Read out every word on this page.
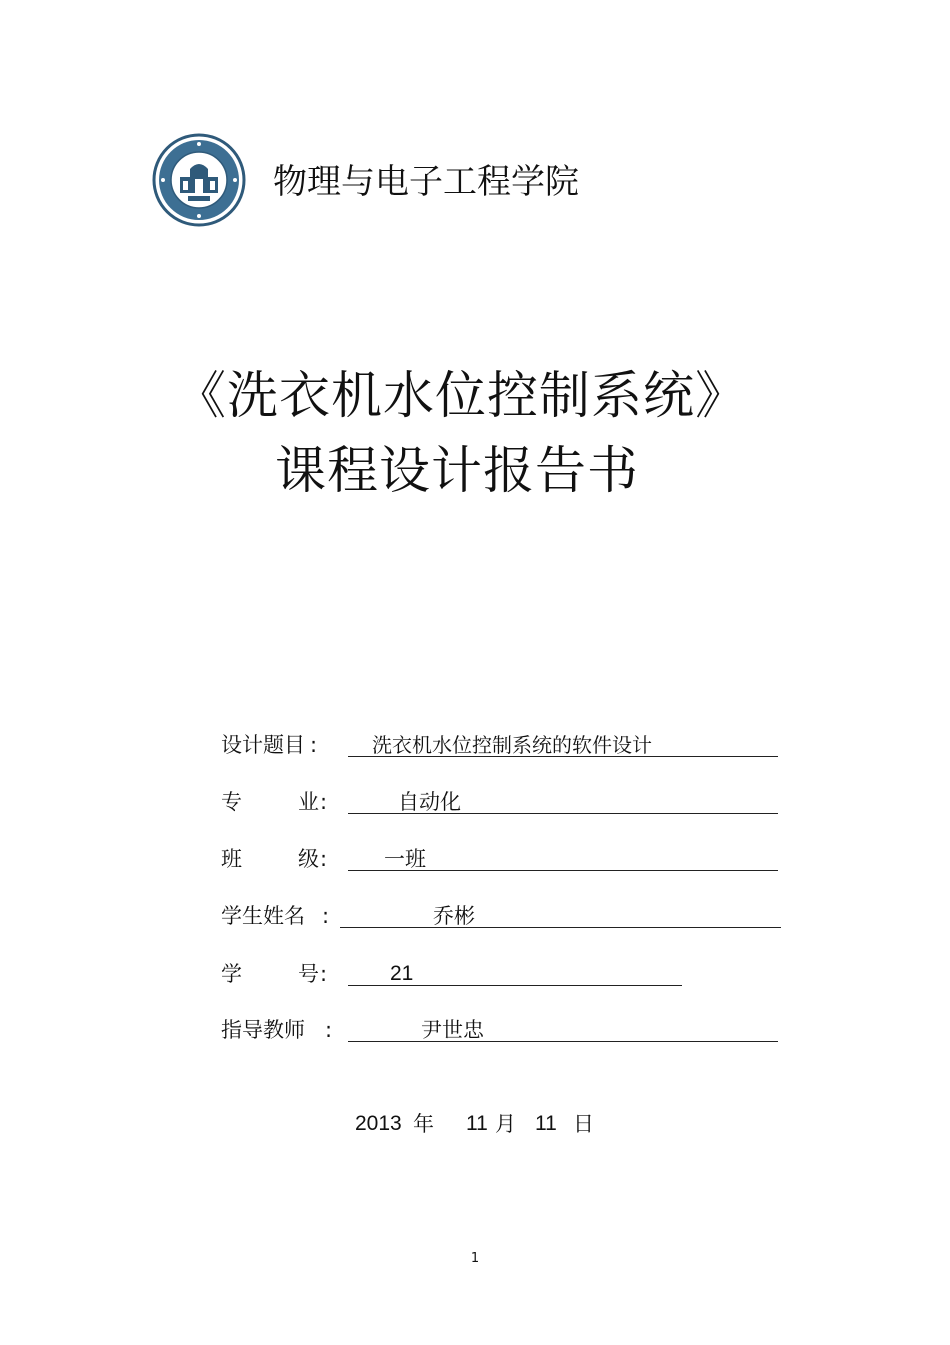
物理与电子工程学院
《洗衣机水位控制系统》
课程设计报告书
设计题目 :	洗衣机水位控制系统的软件设计
专	业 :	自动化
班	级 :	一班
学生姓名 :	乔彬
学	号 :	21
指导教师 :	尹世忠
2013 年 11 月 11 日
1
